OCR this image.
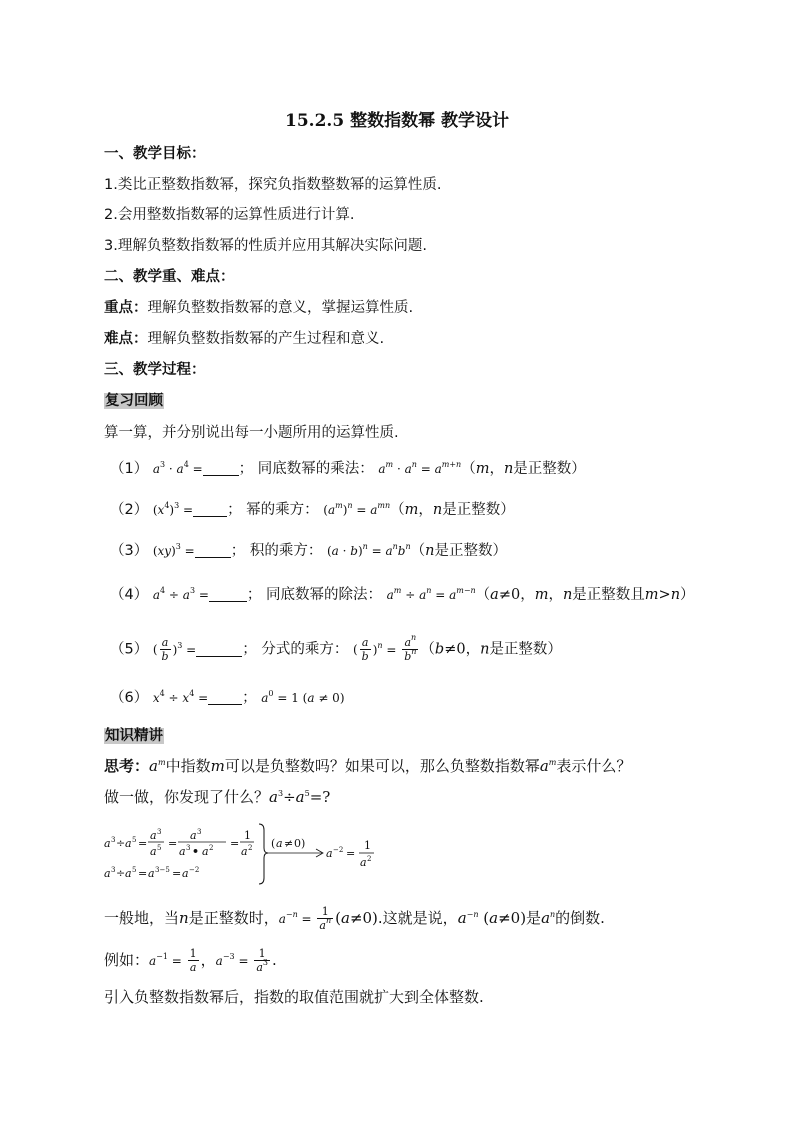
15.2.5 整数指数幂 教学设计
一、教学目标：
1.类比正整数指数幂，探究负指数整数幂的运算性质.
2.会用整数指数幂的运算性质进行计算.
3.理解负整数指数幂的性质并应用其解决实际问题.
二、教学重、难点：
重点：理解负整数指数幂的意义，掌握运算性质.
难点：理解负整数指数幂的产生过程和意义.
三、教学过程：
复习回顾
算一算，并分别说出每一小题所用的运算性质.
（1） $a^3 \cdot a^4$ = ； 同底数幂的乘法： $a^m \cdot a^n = a^{m+n}(m$，n是正整数）
（2） $(x^4)^3$ = ； 幂的乘方： $(a^m)^n = a^{mn}(m$，n是正整数）
（3） (xy)$^3$ = ； 积的乘方： $(a \cdot b)^n = a^nb^n(n$是正整数）
（4） $a^4 \div a^3$ =	； 同底数幂的除法： $a^m \div a^n = a^{m-n}(a\ne 0$，m，n是正整数且m>n）
（5） ( $\frac{a}{b} )^3$ =	； 分式的乘方： ( $\frac{a}{b} )^n = \frac{a^n}{b^n} (b\ne 0$，n是正整数）
（6） $x^4 \div x^4$ = ； $a^0 = 1$ (a ≠ 0)
知识精讲
思考：$a^m$中指数m可以是负整数吗？如果可以，那么负整数指数幂$a^m$表示什么？
做一做，你发现了什么？$a^3\div a^5=$?
a 3 ÷ a 5 =
a 3
a 5 =
a 3
a 3 • a 2 =
1
a 2
a 3 ÷ a 5 = a 3−5 = a −2
( a ≠ 0)
a −2 =
1
a 2
一般地，当n是正整数时，$a^{-n} = \frac{1}{a^n} (a\ne 0)$.这就是说，$a^{-n}$ (a≠0)是$a^n$的倒数.
例如：$a^{-1} = \frac{1}{a}$ ，$a^{-3} = \frac{1}{a^3}$ .
引入负整数指数幂后，指数的取值范围就扩大到全体整数.
